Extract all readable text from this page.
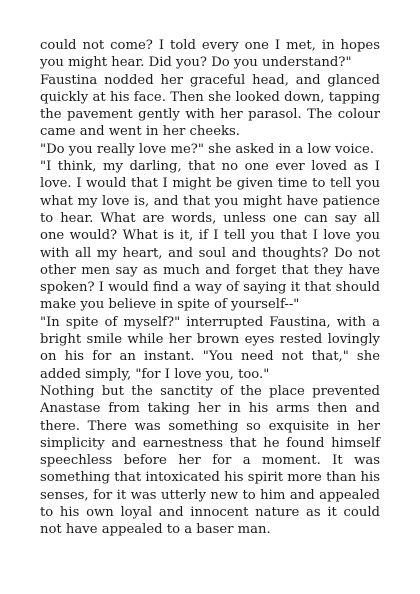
could not come? I told every one I met, in hopes you might hear. Did you? Do you understand?"

Faustina nodded her graceful head, and glanced quickly at his face. Then she looked down, tapping the pavement gently with her parasol. The colour came and went in her cheeks.

"Do you really love me?" she asked in a low voice.

"I think, my darling, that no one ever loved as I love. I would that I might be given time to tell you what my love is, and that you might have patience to hear. What are words, unless one can say all one would? What is it, if I tell you that I love you with all my heart, and soul and thoughts? Do not other men say as much and forget that they have spoken? I would find a way of saying it that should make you believe in spite of yourself--"

"In spite of myself?" interrupted Faustina, with a bright smile while her brown eyes rested lovingly on his for an instant. "You need not that," she added simply, "for I love you, too."

Nothing but the sanctity of the place prevented Anastase from taking her in his arms then and there. There was something so exquisite in her simplicity and earnestness that he found himself speechless before her for a moment. It was something that intoxicated his spirit more than his senses, for it was utterly new to him and appealed to his own loyal and innocent nature as it could not have appealed to a baser man.
